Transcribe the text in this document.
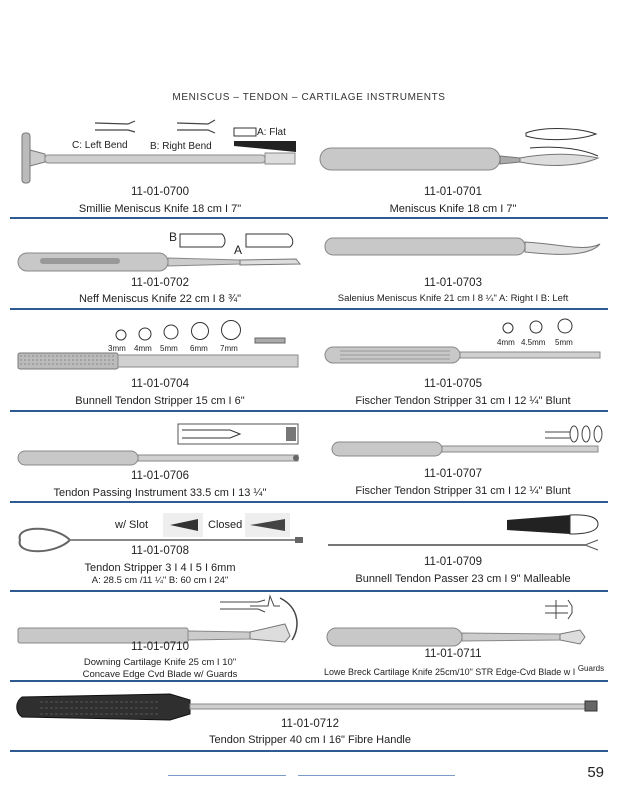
MENISCUS – TENDON – CARTILAGE INSTRUMENTS
C: Left Bend B: Right Bend
A: Flat
11-01-0700
Smillie Meniscus Knife 18 cm I 7"
11-01-0701
Meniscus Knife 18 cm I 7"
B
A
11-01-0702
Neff Meniscus Knife 22 cm I 8 ¾"
11-01-0703
Salenius Meniscus Knife 21 cm I 8 ¼" A: Right I B: Left
3mm 4mm 5mm 6mm 7mm
11-01-0704
Bunnell Tendon Stripper 15 cm I 6"
4mm 4.5mm 5mm
11-01-0705
Fischer Tendon Stripper 31 cm I 12 ¼" Blunt
11-01-0706
Tendon Passing Instrument 33.5 cm I 13 ¼"
11-01-0707
Fischer Tendon Stripper 31 cm I 12 ¼" Blunt
w/ Slot	Closed
11-01-0708
Tendon Stripper 3 I 4 I 5 I 6mm
A: 28.5 cm /11 ¼" B: 60 cm I 24"
11-01-0709
Bunnell Tendon Passer 23 cm I 9" Malleable
11-01-0710
Downing Cartilage Knife 25 cm I 10"
Concave Edge Cvd Blade w/ Guards
11-01-0711
Lowe Breck Cartilage Knife 25cm/10" STR Edge-Cvd Blade w I $^{Guards}$
11-01-0712
Tendon Stripper 40 cm I 16" Fibre Handle
59
